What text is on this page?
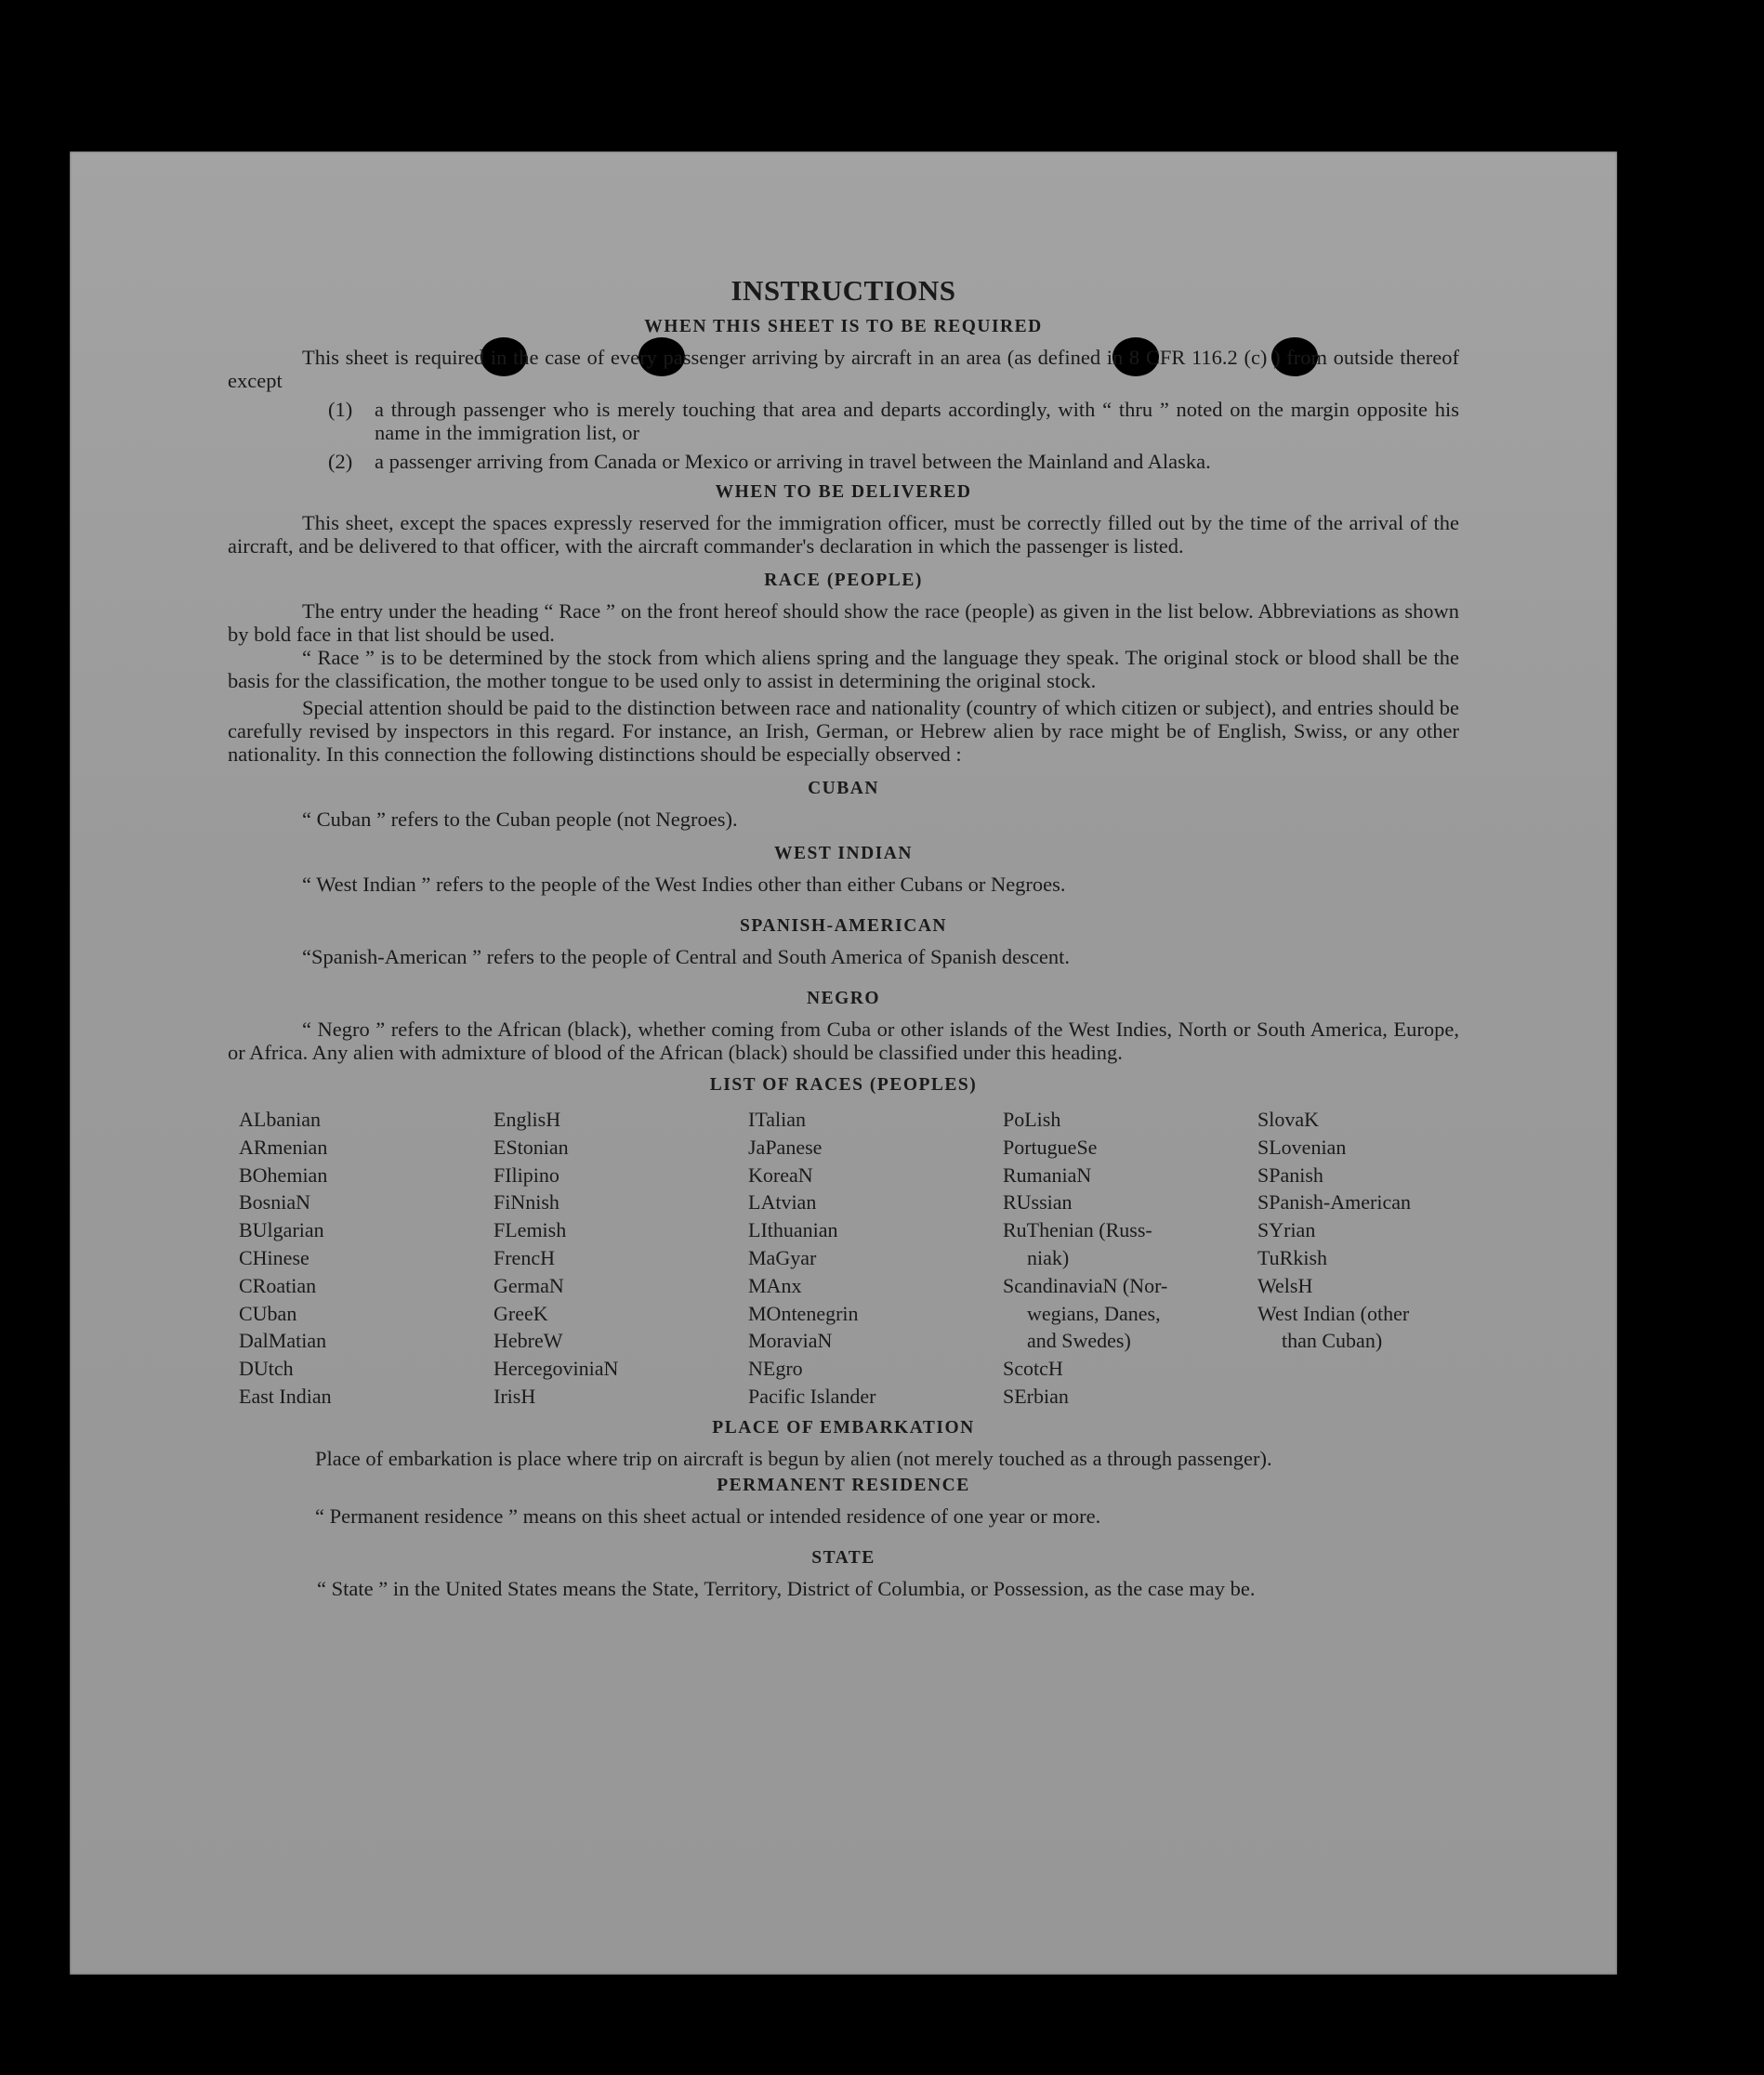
INSTRUCTIONS
WHEN THIS SHEET IS TO BE REQUIRED

This sheet is required in the case of every passenger arriving by aircraft in an area (as defined in 8 CFR 116.2 (c) ) from outside thereof except

(1) a through passenger who is merely touching that area and departs accordingly, with “ thru ” noted on the margin opposite his name in the immigration list, or
(2) a passenger arriving from Canada or Mexico or arriving in travel between the Mainland and Alaska.
WHEN TO BE DELIVERED

This sheet, except the spaces expressly reserved for the immigration officer, must be correctly filled out by the time of the arrival of the aircraft, and be delivered to that officer, with the aircraft commander's declaration in which the passenger is listed.

RACE (PEOPLE)

The entry under the heading “ Race ” on the front hereof should show the race (people) as given in the list below. Abbreviations as shown by bold face in that list should be used.

“ Race ” is to be determined by the stock from which aliens spring and the language they speak. The original stock or blood shall be the basis for the classification, the mother tongue to be used only to assist in determining the original stock.

Special attention should be paid to the distinction between race and nationality (country of which citizen or subject), and entries should be carefully revised by inspectors in this regard. For instance, an Irish, German, or Hebrew alien by race might be of English, Swiss, or any other nationality. In this connection the following distinctions should be especially observed :

CUBAN

“ Cuban ” refers to the Cuban people (not Negroes).

WEST INDIAN

“ West Indian ” refers to the people of the West Indies other than either Cubans or Negroes.

SPANISH-AMERICAN

“Spanish-American ” refers to the people of Central and South America of Spanish descent.

NEGRO

“ Negro ” refers to the African (black), whether coming from Cuba or other islands of the West Indies, North or South America, Europe, or Africa. Any alien with admixture of blood of the African (black) should be classified under this heading.

LIST OF RACES (PEOPLES)
ALbanian
ARmenian
BOhemian
BosniaN
BUlgarian
CHinese
CRoatian
CUban
DalMatian
DUtch
East Indian
EnglisH
EStonian
FIlipino
FiNnish
FLemish
FrencH
GermaN
GreeK
HebreW
HercegoviniaN
IrisH
ITalian
JaPanese
KoreaN
LAtvian
LIthuanian
MaGyar
MAnx
MOntenegrin
MoraviaN
NEgro
Pacific Islander
PoLish
PortugueSe
RumaniaN
RUssian
RuThenian (Russ-
niak)
ScandinaviaN (Nor-
wegians, Danes,
and Swedes)
ScotcH
SErbian
SlovaK
SLovenian
SPanish
SPanish-American
SYrian
TuRkish
WelsH
West Indian (other
than Cuban)
PLACE OF EMBARKATION

Place of embarkation is place where trip on aircraft is begun by alien (not merely touched as a through passenger).

PERMANENT RESIDENCE

“ Permanent residence ” means on this sheet actual or intended residence of one year or more.

STATE

“ State ” in the United States means the State, Territory, District of Columbia, or Possession, as the case may be.
